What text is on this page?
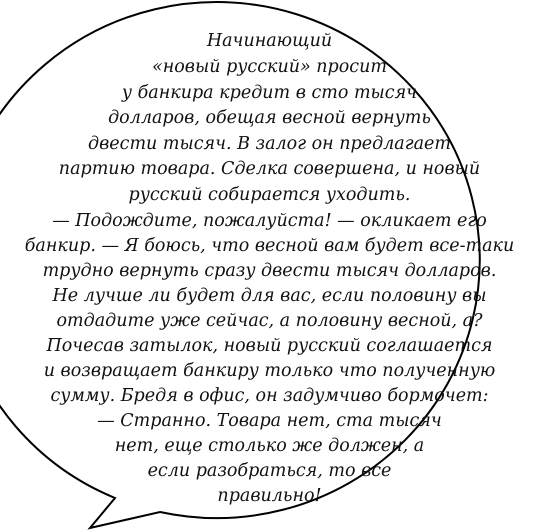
Начинающий
«новый русский» просит
у банкира кредит в сто тысяч
долларов, обещая весной вернуть
двести тысяч. В залог он предлагает
партию товара. Сделка совершена, и новый
русский собирается уходить.
— Подождите, пожалуйста! — окликает его
банкир. — Я боюсь, что весной вам будет все-таки
трудно вернуть сразу двести тысяч долларов.
Не лучше ли будет для вас, если половину вы
отдадите уже сейчас, а половину весной, а?
Почесав затылок, новый русский соглашается
и возвращает банкиру только что полученную
сумму. Бредя в офис, он задумчиво бормочет:
— Странно. Товара нет, ста тысяч
нет, еще столько же должен, а
если разобраться, то все
правильно!
